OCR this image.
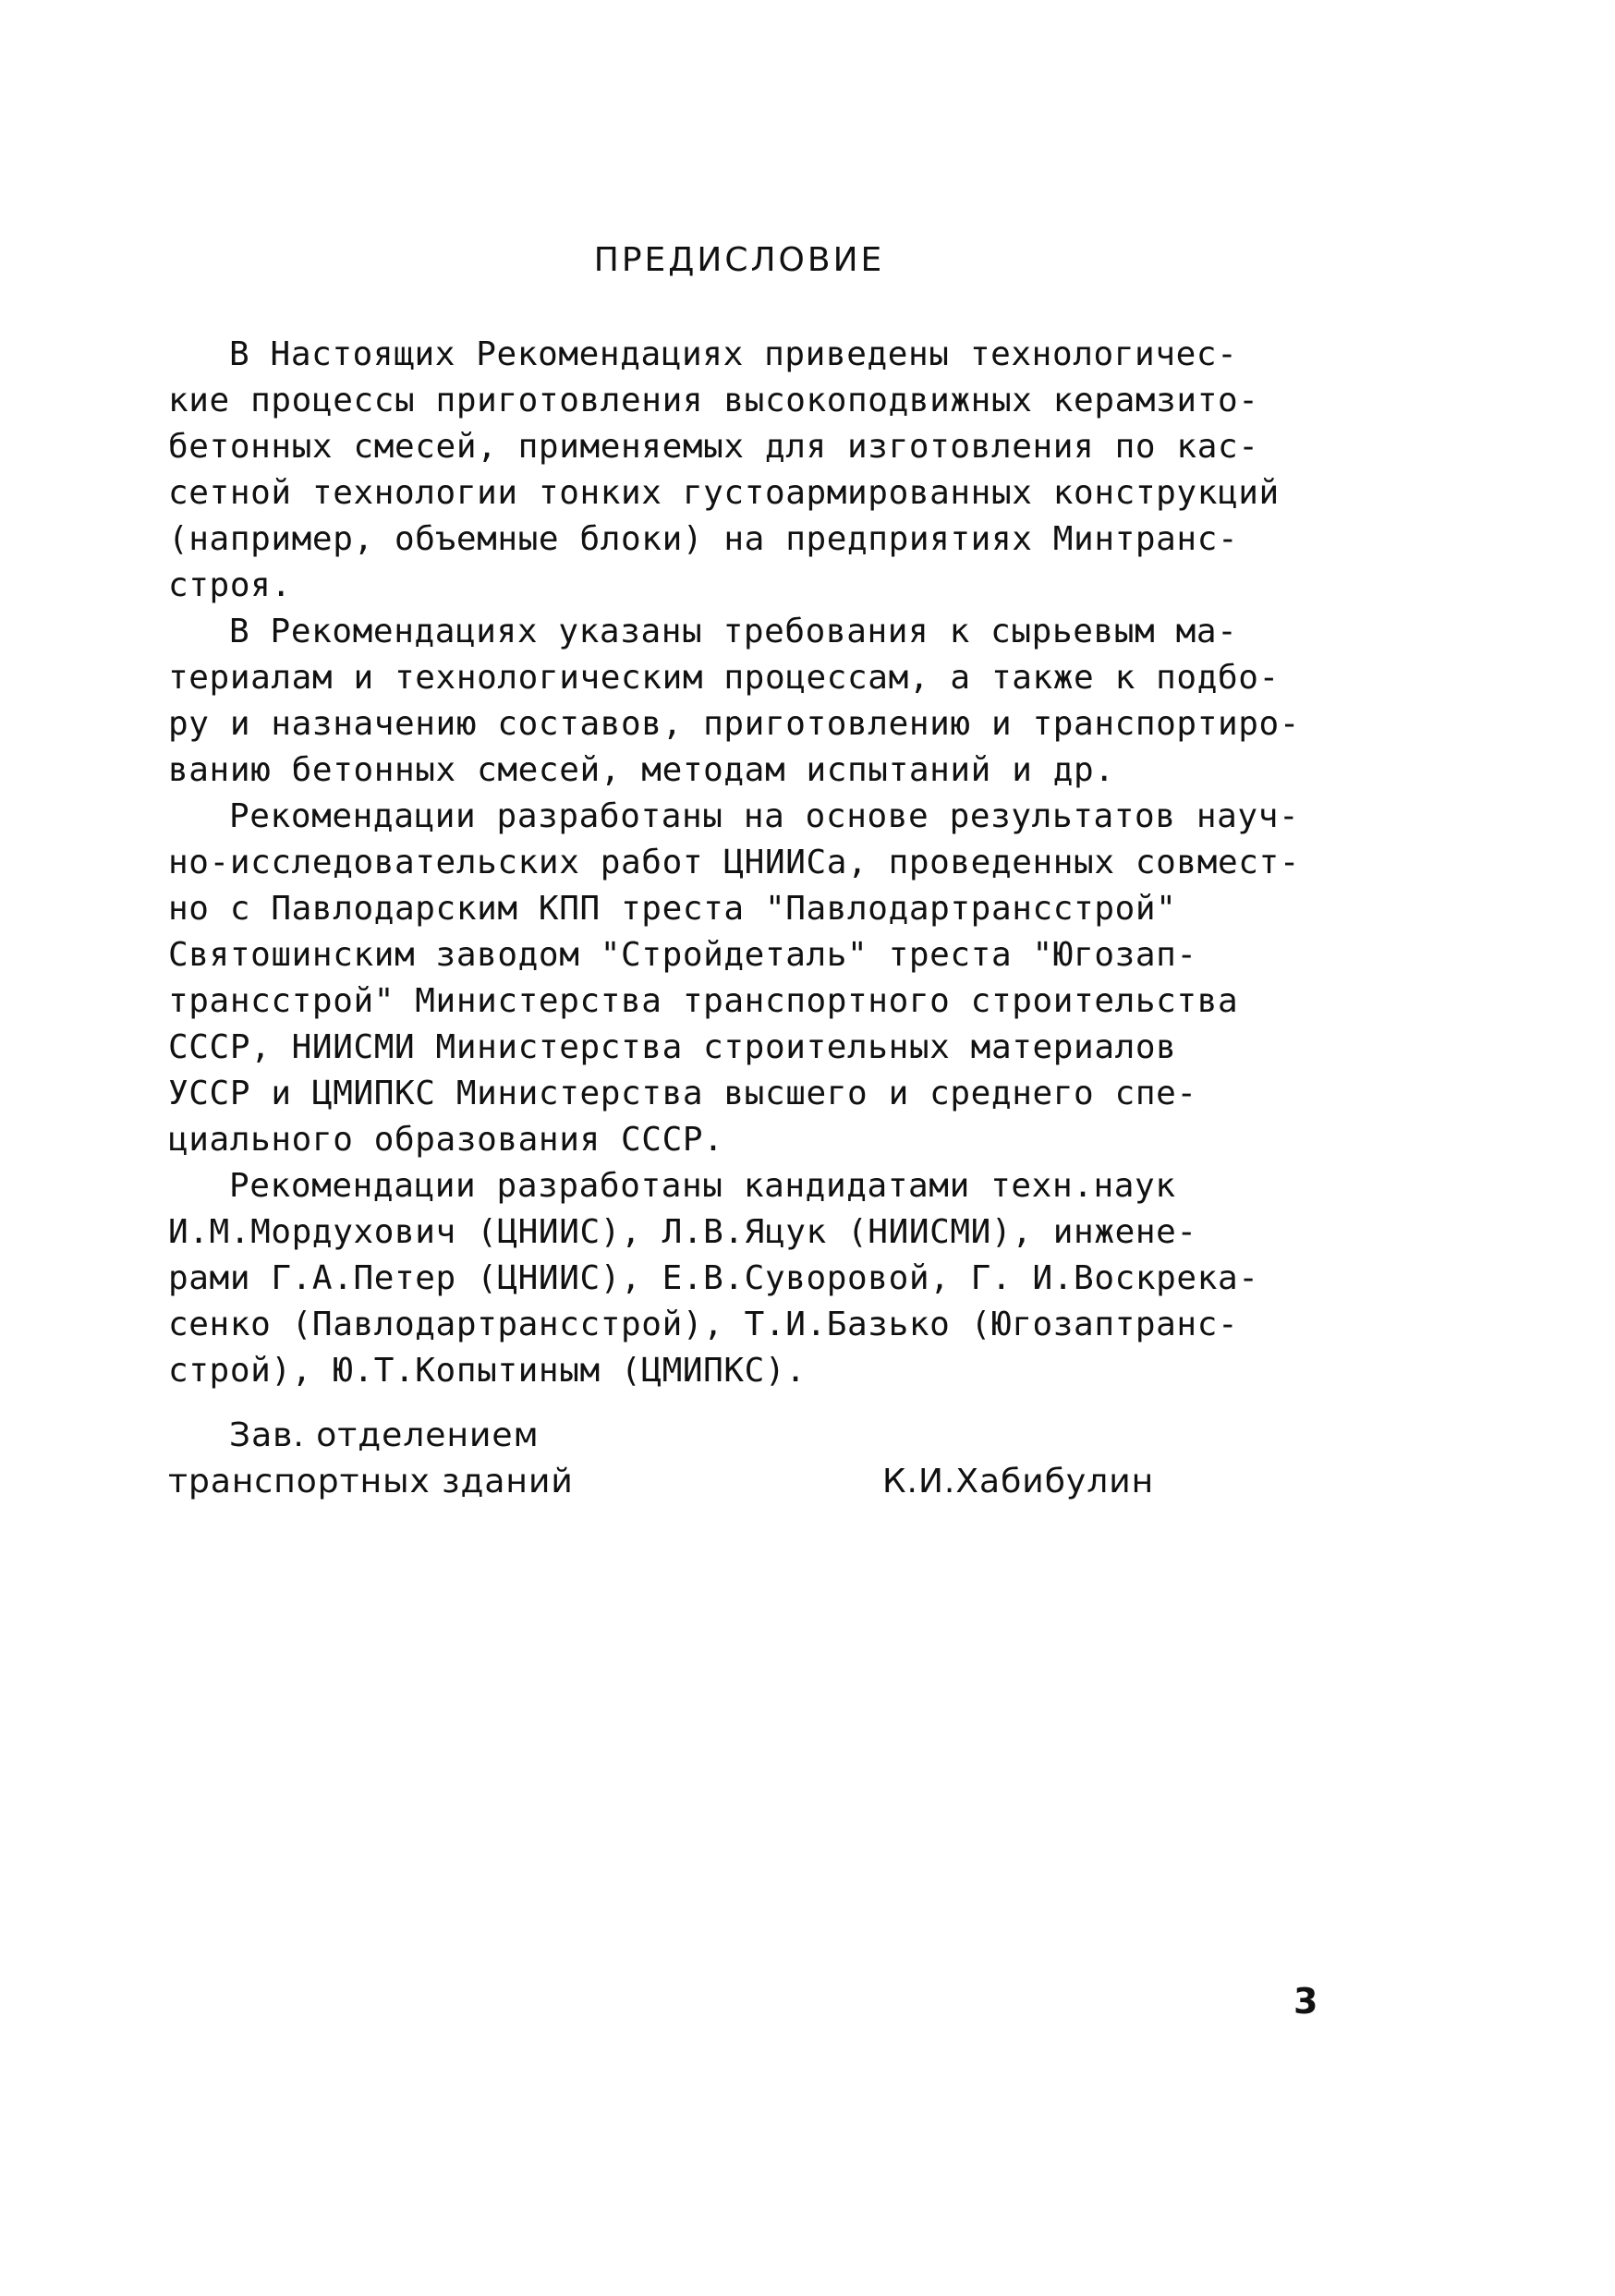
ПРЕДИСЛОВИЕ
В Настоящих Рекомендациях приведены технологичес-
кие процессы приготовления высокоподвижных керамзито-
бетонных смесей, применяемых для изготовления по кас-
сетной технологии тонких густоармированных конструкций
(например, объемные блоки) на предприятиях Минтранс-
строя.
В Рекомендациях указаны требования к сырьевым ма-
териалам и технологическим процессам, а также к подбо-
ру и назначению составов, приготовлению и транспортиро-
ванию бетонных смесей, методам испытаний и др.
Рекомендации разработаны на основе результатов науч-
но-исследовательских работ ЦНИИСа, проведенных совмест-
но с Павлодарским КПП треста "Павлодартрансстрой"
Святошинским заводом "Стройдеталь" треста "Югозап-
трансстрой" Министерства транспортного строительства
СССР, НИИСМИ Министерства строительных материалов
УССР и ЦМИПКС Министерства высшего и среднего спе-
циального образования СССР.
Рекомендации разработаны кандидатами техн.наук
И.М.Мордухович (ЦНИИС), Л.В.Яцук (НИИСМИ), инжене-
рами Г.А.Петер (ЦНИИС), Е.В.Суворовой, Г. И.Воскрека-
сенко (Павлодартрансстрой), Т.И.Базько (Югозаптранс-
строй), Ю.Т.Копытиным (ЦМИПКС).
Зав. отделением
транспортных зданий	К.И.Хабибулин
3
